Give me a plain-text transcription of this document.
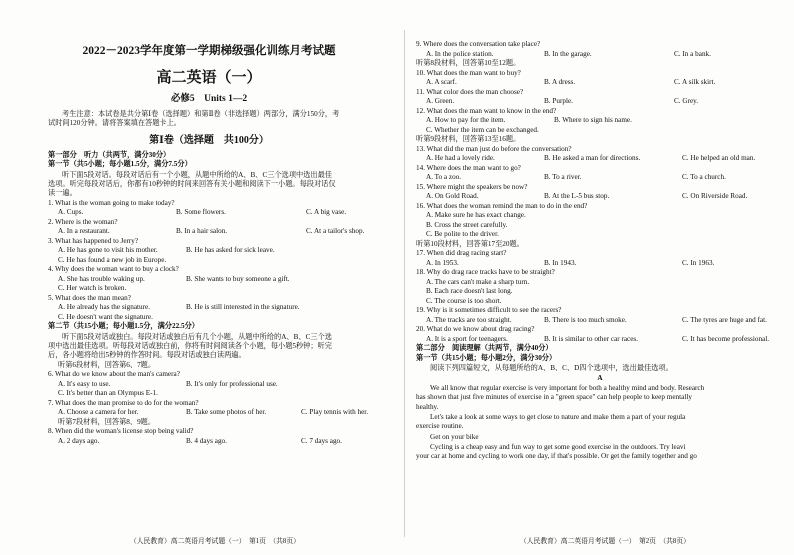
2022－2023学年度第一学期梯级强化训练月考试题
高二英语（一）
必修5　Units 1—2
考生注意：本试卷是共分第Ⅰ卷（选择题）和第Ⅱ卷（非选择题）两部分，满分150分，考
试时间120分钟。请将答案填在答题卡上。
第Ⅰ卷（选择题　共100分）
第一部分　听力（共两节，满分30分）
第一节（共5小题；每小题1.5分，满分7.5分）
听下面5段对话。每段对话后有一个小题，从题中所给的A、B、C三个选项中选出最佳
选项。听完每段对话后，你都有10秒钟的时间来回答有关小题和阅读下一小题。每段对话仅
读一遍。
1. What is the woman going to make today?
A. Cups.	B. Some flowers.	C. A big vase.
2. Where is the woman?
A. In a restaurant.	B. In a hair salon.	C. At a tailor's shop.
3. What has happened to Jerry?
A. He has gone to visit his mother.	B. He has asked for sick leave.
C. He has found a new job in Europe.
4. Why does the woman want to buy a clock?
A. She has trouble waking up.	B. She wants to buy someone a gift.
C. Her watch is broken.
5. What does the man mean?
A. He already has the signature.	B. He is still interested in the signature.
C. He doesn't want the signature.
第二节（共15小题；每小题1.5分，满分22.5分）
听下面5段对话或独白。每段对话或独白后有几个小题，从题中所给的A、B、C三个选
项中选出最佳选项。听每段对话或独白前，你将有时间阅读各个小题，每小题5秒钟；听完
后，各小题将给出5秒钟的作答时间。每段对话或独白读两遍。
听第6段材料，回答第6、7题。
6. What do we know about the man's camera?
A. It's easy to use.	B. It's only for professional use.
C. It's better than an Olympus E-1.
7. What does the man promise to do for the woman?
A. Choose a camera for her.	B. Take some photos of her.	C. Play tennis with her.
听第7段材料，回答第8、9题。
8. When did the woman's license stop being valid?
A. 2 days ago.	B. 4 days ago.	C. 7 days ago.
9. Where does the conversation take place?
A. In the police station.	B. In the garage.	C. In a bank.
听第8段材料，回答第10至12题。
10. What does the man want to buy?
A. A scarf.	B. A dress.	C. A silk skirt.
11. What color does the man choose?
A. Green.	B. Purple.	C. Grey.
12. What does the man want to know in the end?
A. How to pay for the item.	B. Where to sign his name.
C. Whether the item can be exchanged.
听第9段材料，回答第13至16题。
13. What did the man just do before the conversation?
A. He had a lovely ride.	B. He asked a man for directions.	C. He helped an old man.
14. Where does the man want to go?
A. To a zoo.	B. To a river.	C. To a church.
15. Where might the speakers be now?
A. On Gold Road.	B. At the L-5 bus stop.	C. On Riverside Road.
16. What does the woman remind the man to do in the end?
A. Make sure he has exact change.
B. Cross the street carefully.
C. Be polite to the driver.
听第10段材料，回答第17至20题。
17. When did drag racing start?
A. In 1953.	B. In 1943.	C. In 1963.
18. Why do drag race tracks have to be straight?
A. The cars can't make a sharp turn.
B. Each race doesn't last long.
C. The course is too short.
19. Why is it sometimes difficult to see the racers?
A. The tracks are too straight.	B. There is too much smoke.	C. The tyres are huge and fat.
20. What do we know about drag racing?
A. It is a sport for teenagers.	B. It is similar to other car races.	C. It has become professional.
第二部分　阅读理解（共两节，满分40分）
第一节（共15小题；每小题2分，满分30分）
阅读下列四篇短文，从每题所给的A、B、C、D四个选项中，选出最佳选项。
A
We all know that regular exercise is very important for both a healthy mind and body. Research
has shown that just five minutes of exercise in a "green space" can help people to keep mentally
healthy.
Let's take a look at some ways to get close to nature and make them a part of your regula
exercise routine.
Get on your bike
Cycling is a cheap easy and fun way to get some good exercise in the outdoors. Try leavi
your car at home and cycling to work one day, if that's possible. Or get the family together and go
（人民教育）高二英语月考试题（一）　第1页　（共8页）	（人民教育）高二英语月考试题（一）　第2页　（共8页）
